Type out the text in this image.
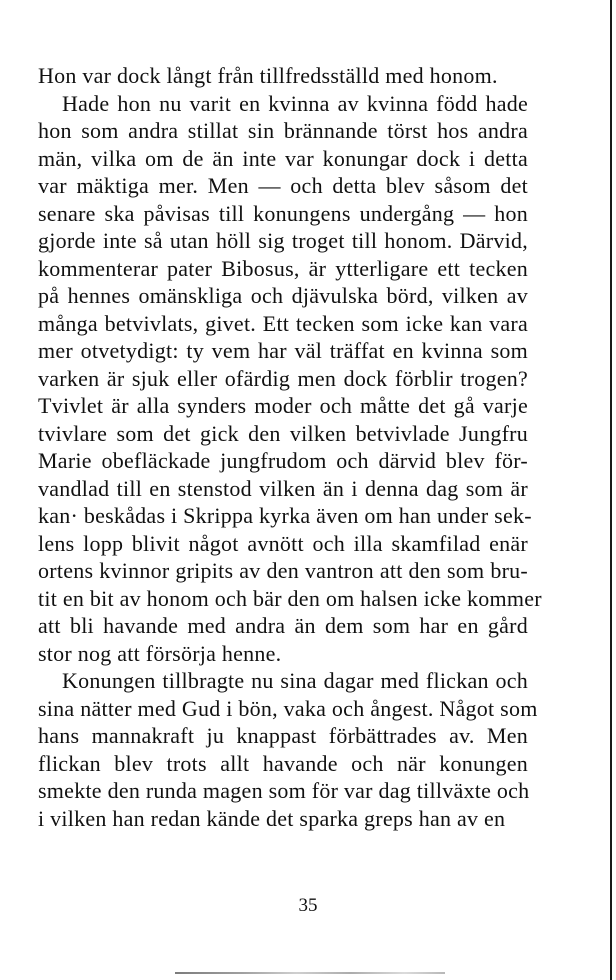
Hon var dock långt från tillfredsställd med honom.
Hade hon nu varit en kvinna av kvinna född hade
hon som andra stillat sin brännande törst hos andra
män, vilka om de än inte var konungar dock i detta
var mäktiga mer. Men — och detta blev såsom det
senare ska påvisas till konungens undergång — hon
gjorde inte så utan höll sig troget till honom. Därvid,
kommenterar pater Bibosus, är ytterligare ett tecken
på hennes omänskliga och djävulska börd, vilken av
många betvivlats, givet. Ett tecken som icke kan vara
mer otvetydigt: ty vem har väl träffat en kvinna som
varken är sjuk eller ofärdig men dock förblir trogen?
Tvivlet är alla synders moder och måtte det gå varje
tvivlare som det gick den vilken betvivlade Jungfru
Marie obefläckade jungfrudom och därvid blev för-
vandlad till en stenstod vilken än i denna dag som är
kan· beskådas i Skrippa kyrka även om han under sek-
lens lopp blivit något avnött och illa skamfilad enär
ortens kvinnor gripits av den vantron att den som bru-
tit en bit av honom och bär den om halsen icke kommer
att bli havande med andra än dem som har en gård
stor nog att försörja henne.
Konungen tillbragte nu sina dagar med flickan och
sina nätter med Gud i bön, vaka och ångest. Något som
hans mannakraft ju knappast förbättrades av. Men
flickan blev trots allt havande och när konungen
smekte den runda magen som för var dag tillväxte och
i vilken han redan kände det sparka greps han av en
35
